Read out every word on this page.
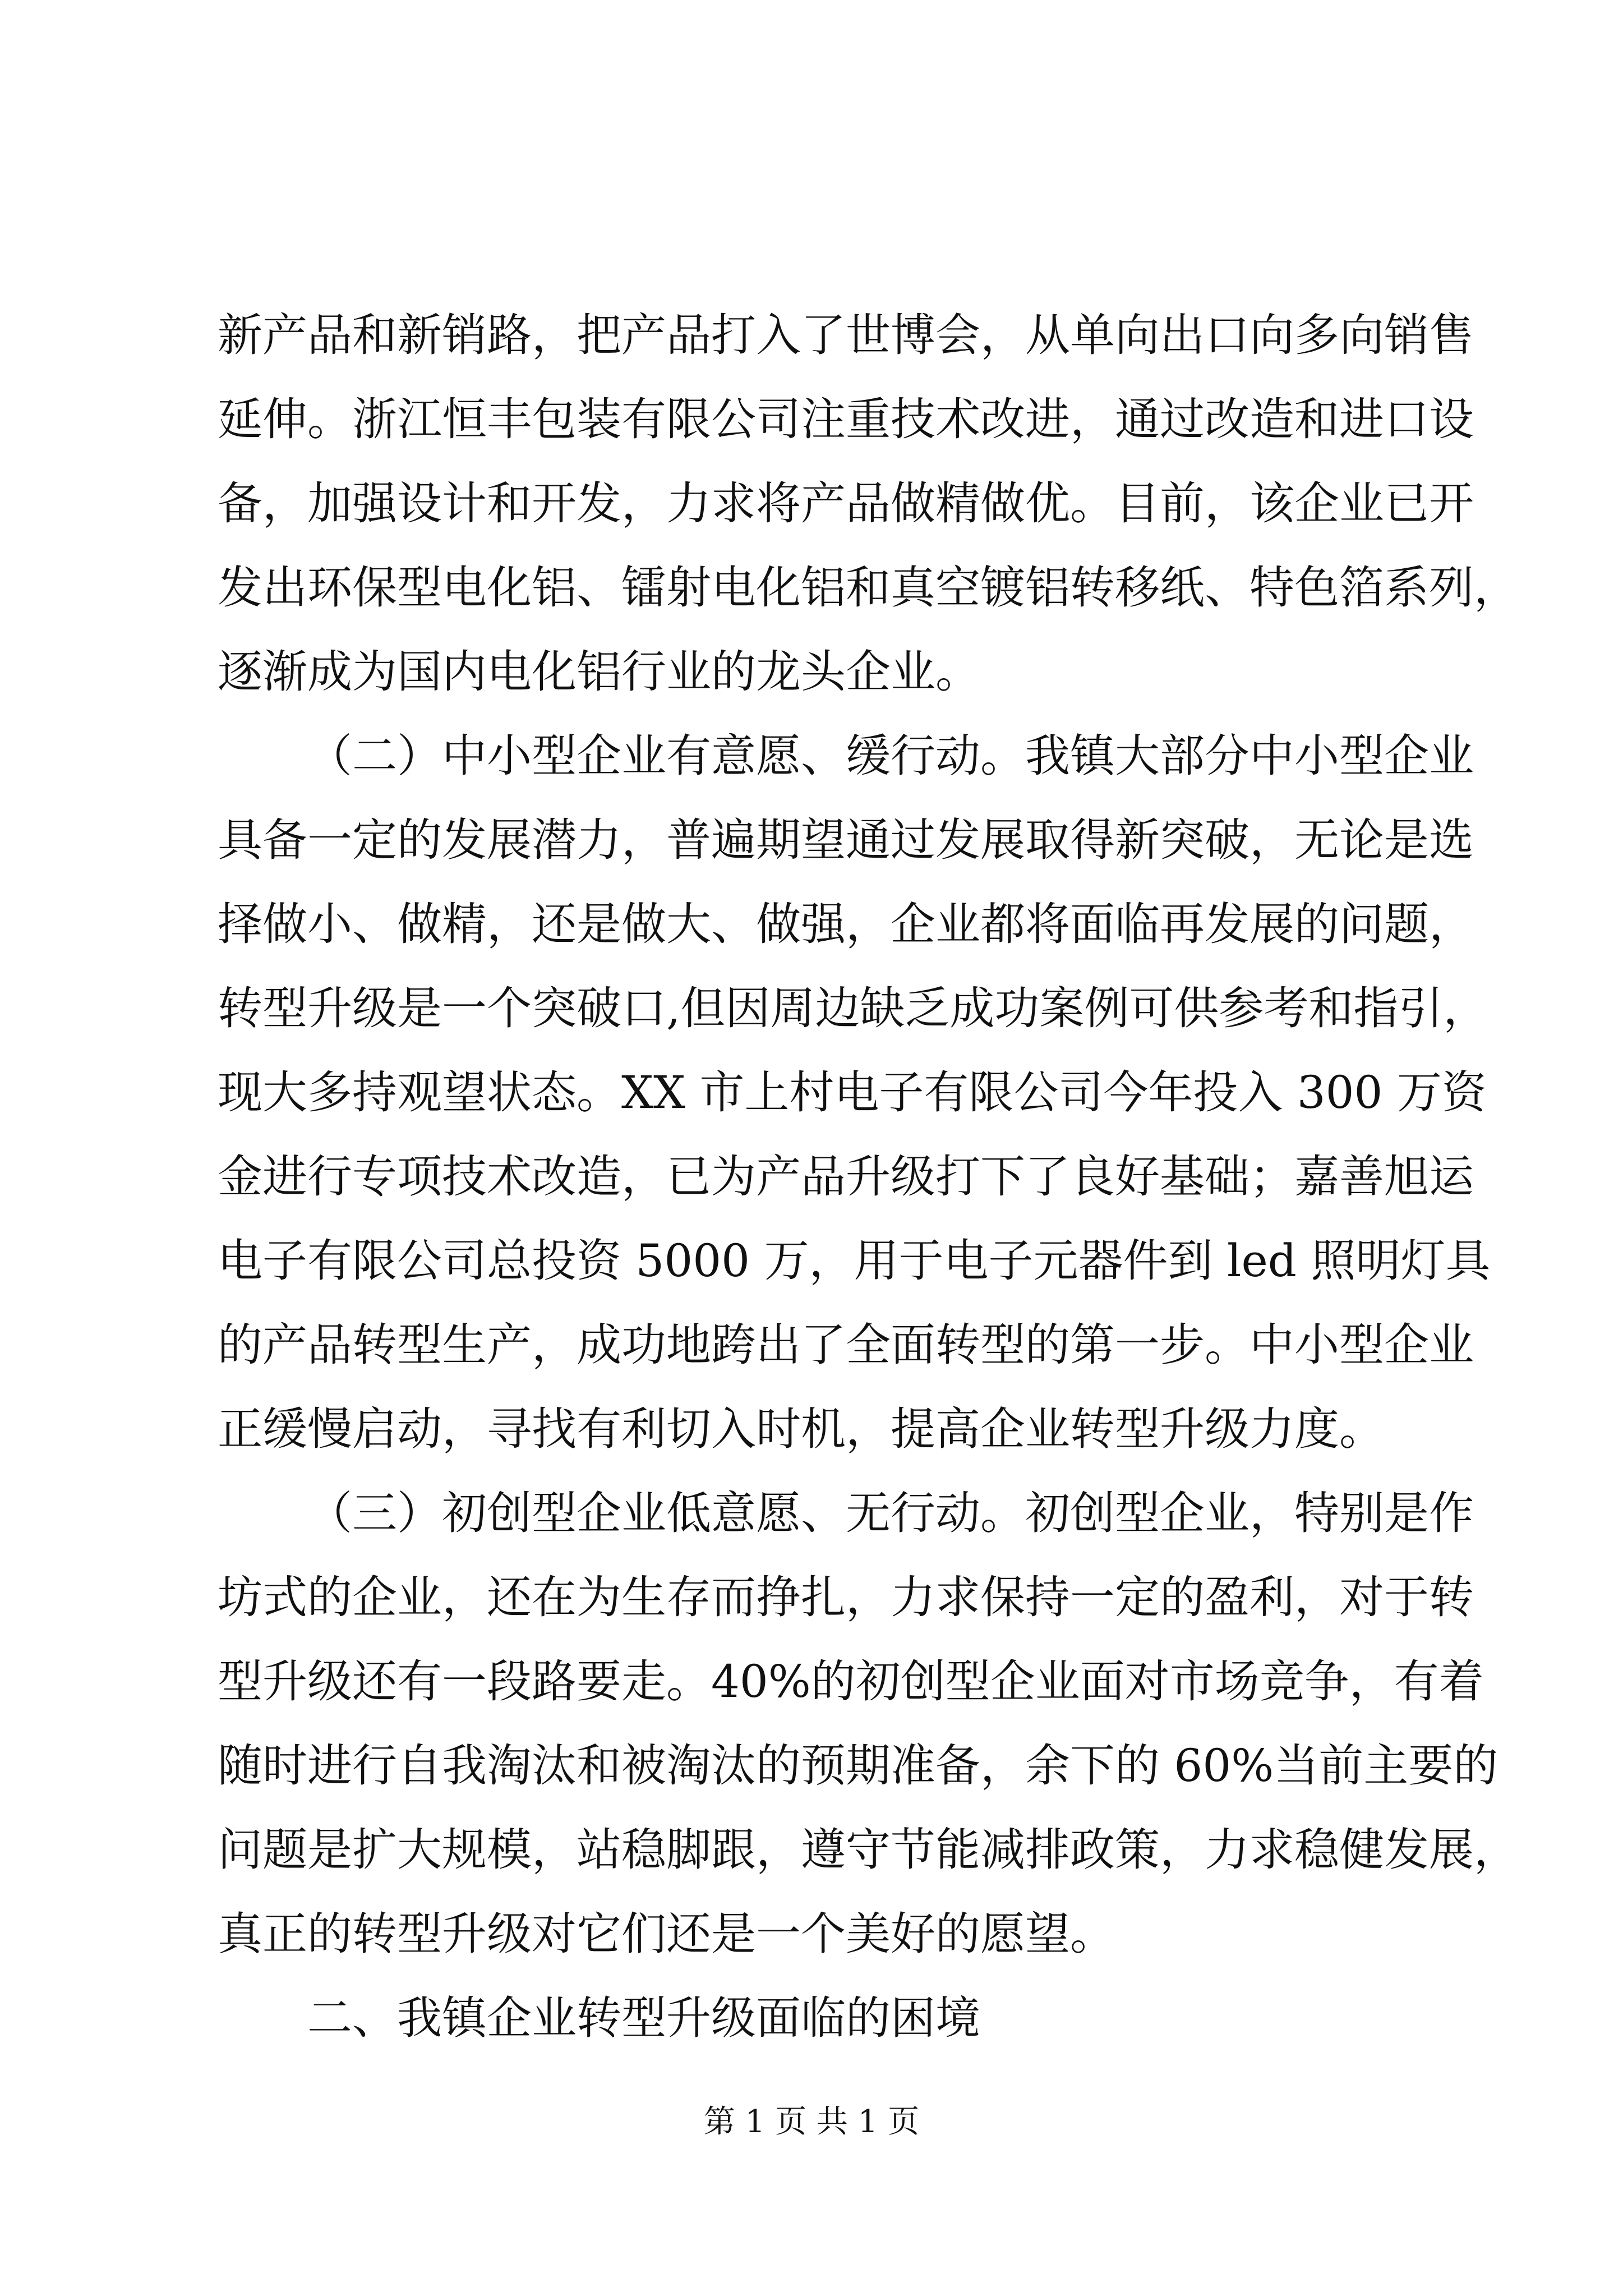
新产品和新销路，把产品打入了世博会，从单向出口向多向销售
延伸。浙江恒丰包装有限公司注重技术改进，通过改造和进口设
备，加强设计和开发，力求将产品做精做优。目前，该企业已开
发出环保型电化铝、镭射电化铝和真空镀铝转移纸、特色箔系列，
逐渐成为国内电化铝行业的龙头企业。
（二）中小型企业有意愿、缓行动。我镇大部分中小型企业
具备一定的发展潜力，普遍期望通过发展取得新突破，无论是选
择做小、做精，还是做大、做强，企业都将面临再发展的问题，
转型升级是一个突破口,但因周边缺乏成功案例可供参考和指引，
现大多持观望状态。XX 市上村电子有限公司今年投入 300 万资
金进行专项技术改造，已为产品升级打下了良好基础；嘉善旭运
电子有限公司总投资 5000 万，用于电子元器件到 led 照明灯具
的产品转型生产，成功地跨出了全面转型的第一步。中小型企业
正缓慢启动，寻找有利切入时机，提高企业转型升级力度。
（三）初创型企业低意愿、无行动。初创型企业，特别是作
坊式的企业，还在为生存而挣扎，力求保持一定的盈利，对于转
型升级还有一段路要走。40%的初创型企业面对市场竞争，有着
随时进行自我淘汰和被淘汰的预期准备，余下的 60%当前主要的
问题是扩大规模，站稳脚跟，遵守节能减排政策，力求稳健发展，
真正的转型升级对它们还是一个美好的愿望。
二、我镇企业转型升级面临的困境
第 1 页 共 1 页
